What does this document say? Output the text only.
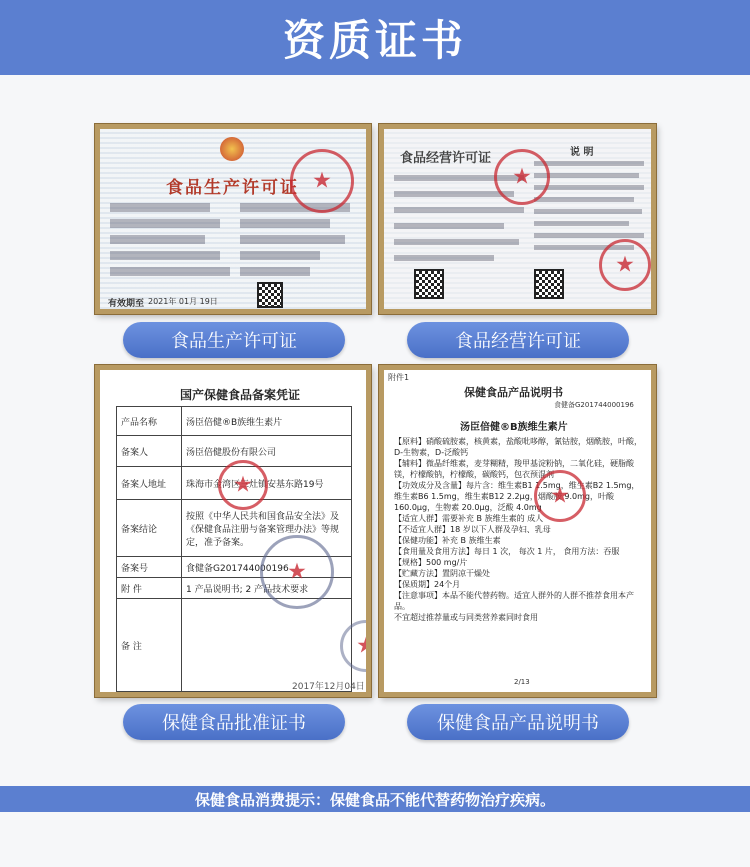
资质证书
食品生产许可证
★
有效期至 2021年 01月 19日
食品生产许可证
食品经营许可证	说 明
★
★
食品经营许可证
国产保健食品备案凭证
产品名称	汤臣倍健®B族维生素片
备案人	汤臣倍健股份有限公司
备案人地址	珠海市金湾区三灶镇安基东路19号
备案结论	按照《中华人民共和国食品安全法》及《保健食品注册与备案管理办法》等规定，准予备案。
备案号	食健备G201744000196
附 件	1 产品说明书; 2 产品技术要求
备 注	
★
★
★
2017年12月04日
保健食品批准证书
附件1
保健食品产品说明书
食健备G201744000196
汤臣倍健®B族维生素片
【原料】硝酸硫胺素，核黄素，盐酸吡哆醇，氰钴胺，烟酰胺，叶酸，D-生物素，D-泛酸钙
【辅料】微晶纤维素，麦芽糊精，羧甲基淀粉钠，二氧化硅，硬脂酸镁，柠檬酸钠，柠檬酸，碳酸钙，包衣预混剂
【功效成分及含量】每片含：维生素B1 1.5mg，维生素B2 1.5mg，维生素B6 1.5mg，维生素B12 2.2μg，烟酸胺 9.0mg，叶酸 160.0μg，生物素 20.0μg，泛酸 4.0mg
【适宜人群】需要补充 B 族维生素的 成人
【不适宜人群】18 岁以下人群及孕妇、乳母
【保健功能】补充 B 族维生素
【食用量及食用方法】每日 1 次， 每次 1 片， 食用方法：吞服
【规格】500 mg/片
【贮藏方法】置阴凉干燥处
【保质期】24个月
【注意事项】本品不能代替药物。适宜人群外的人群不推荐食用本产品。
不宜超过推荐量或与同类营养素同时食用
★
2/13
保健食品产品说明书
保健食品消费提示：保健食品不能代替药物治疗疾病。
